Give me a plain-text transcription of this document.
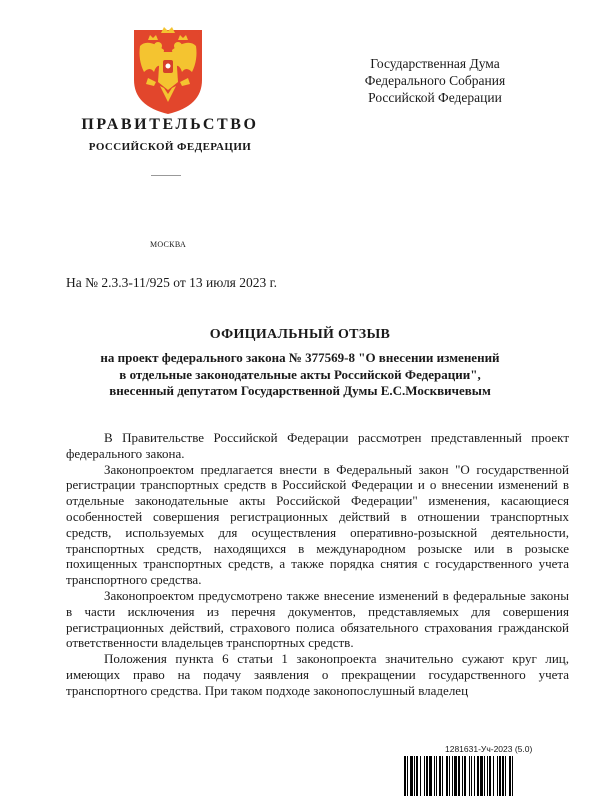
ПРАВИТЕЛЬСТВО
РОССИЙСКОЙ ФЕДЕРАЦИИ
МОСКВА
Государственная Дума
Федерального Собрания
Российской Федерации
На № 2.3.3-11/925 от 13 июля 2023 г.
ОФИЦИАЛЬНЫЙ ОТЗЫВ
на проект федерального закона № 377569-8 "О внесении изменений
в отдельные законодательные акты Российской Федерации",
внесенный депутатом Государственной Думы Е.С.Москвичевым

В Правительстве Российской Федерации рассмотрен представленный проект федерального закона.

Законопроектом предлагается внести в Федеральный закон "О государственной регистрации транспортных средств в Российской Федерации и о внесении изменений в отдельные законодательные акты Российской Федерации" изменения, касающиеся особенностей совершения регистрационных действий в отношении транспортных средств, используемых для осуществления оперативно-розыскной деятельности, транспортных средств, находящихся в международном розыске или в розыске похищенных транспортных средств, а также порядка снятия с государственного учета транспортного средства.

Законопроектом предусмотрено также внесение изменений в федеральные законы в части исключения из перечня документов, представляемых для совершения регистрационных действий, страхового полиса обязательного страхования гражданской ответственности владельцев транспортных средств.

Положения пункта 6 статьи 1 законопроекта значительно сужают круг лиц, имеющих право на подачу заявления о прекращении государственного учета транспортного средства. При таком подходе законопослушный владелец

1281631-Уч-2023 (5.0)
